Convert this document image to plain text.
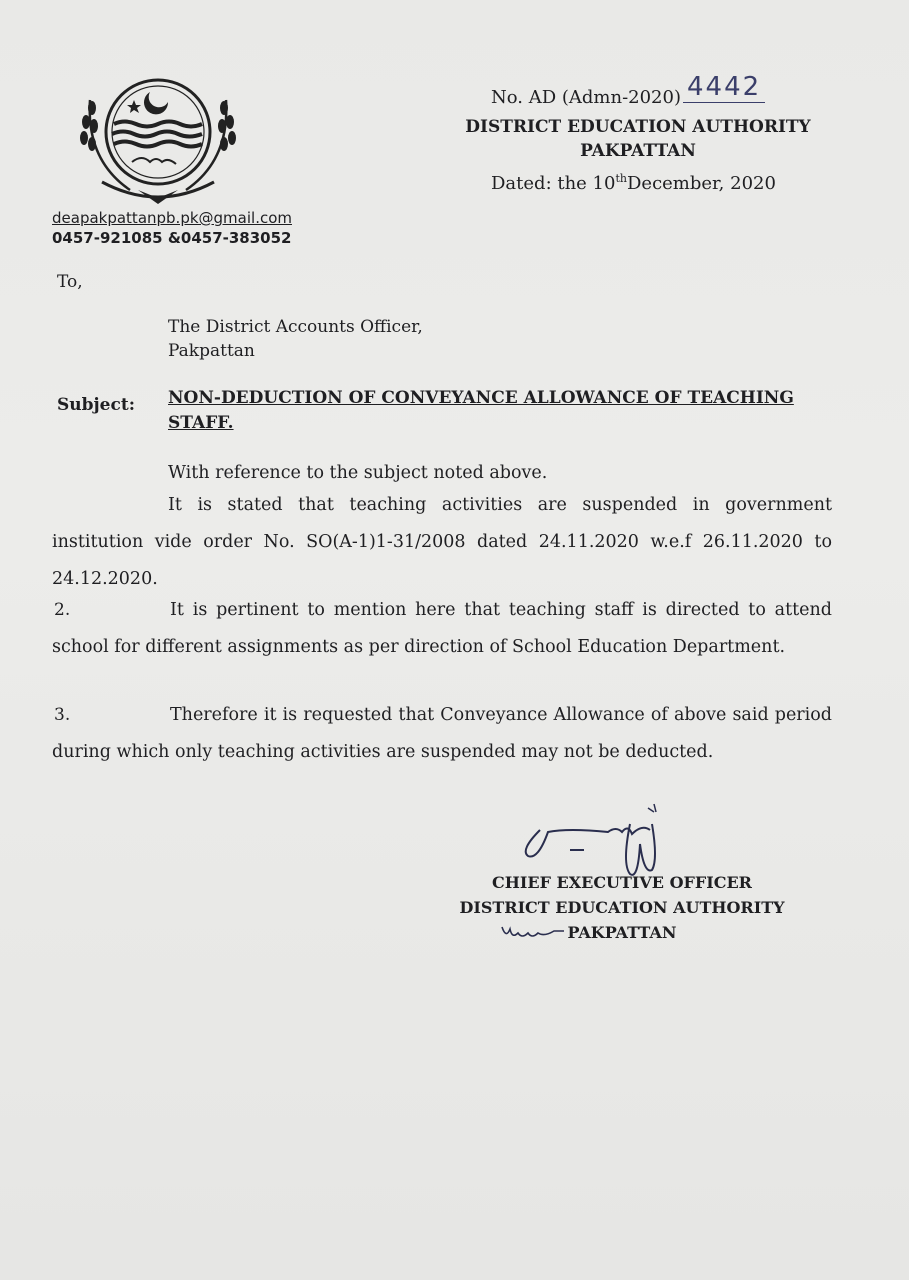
No. AD (Admn-2020) 4442
DISTRICT EDUCATION AUTHORITY
PAKPATTAN
Dated: the 10thDecember, 2020
deapakpattanpb.pk@gmail.com
0457-921085 &0457-383052
To,
The District Accounts Officer,
Pakpattan
Subject: NON-DEDUCTION OF CONVEYANCE ALLOWANCE OF TEACHING STAFF.
With reference to the subject noted above.
It is stated that teaching activities are suspended in government institution vide order No. SO(A-1)1-31/2008 dated 24.11.2020 w.e.f 26.11.2020 to 24.12.2020.
2.	It is pertinent to mention here that teaching staff is directed to attend school for different assignments as per direction of School Education Department.
3.	Therefore it is requested that Conveyance Allowance of above said period during which only teaching activities are suspended may not be deducted.
CHIEF EXECUTIVE OFFICER
DISTRICT EDUCATION AUTHORITY
PAKPATTAN
